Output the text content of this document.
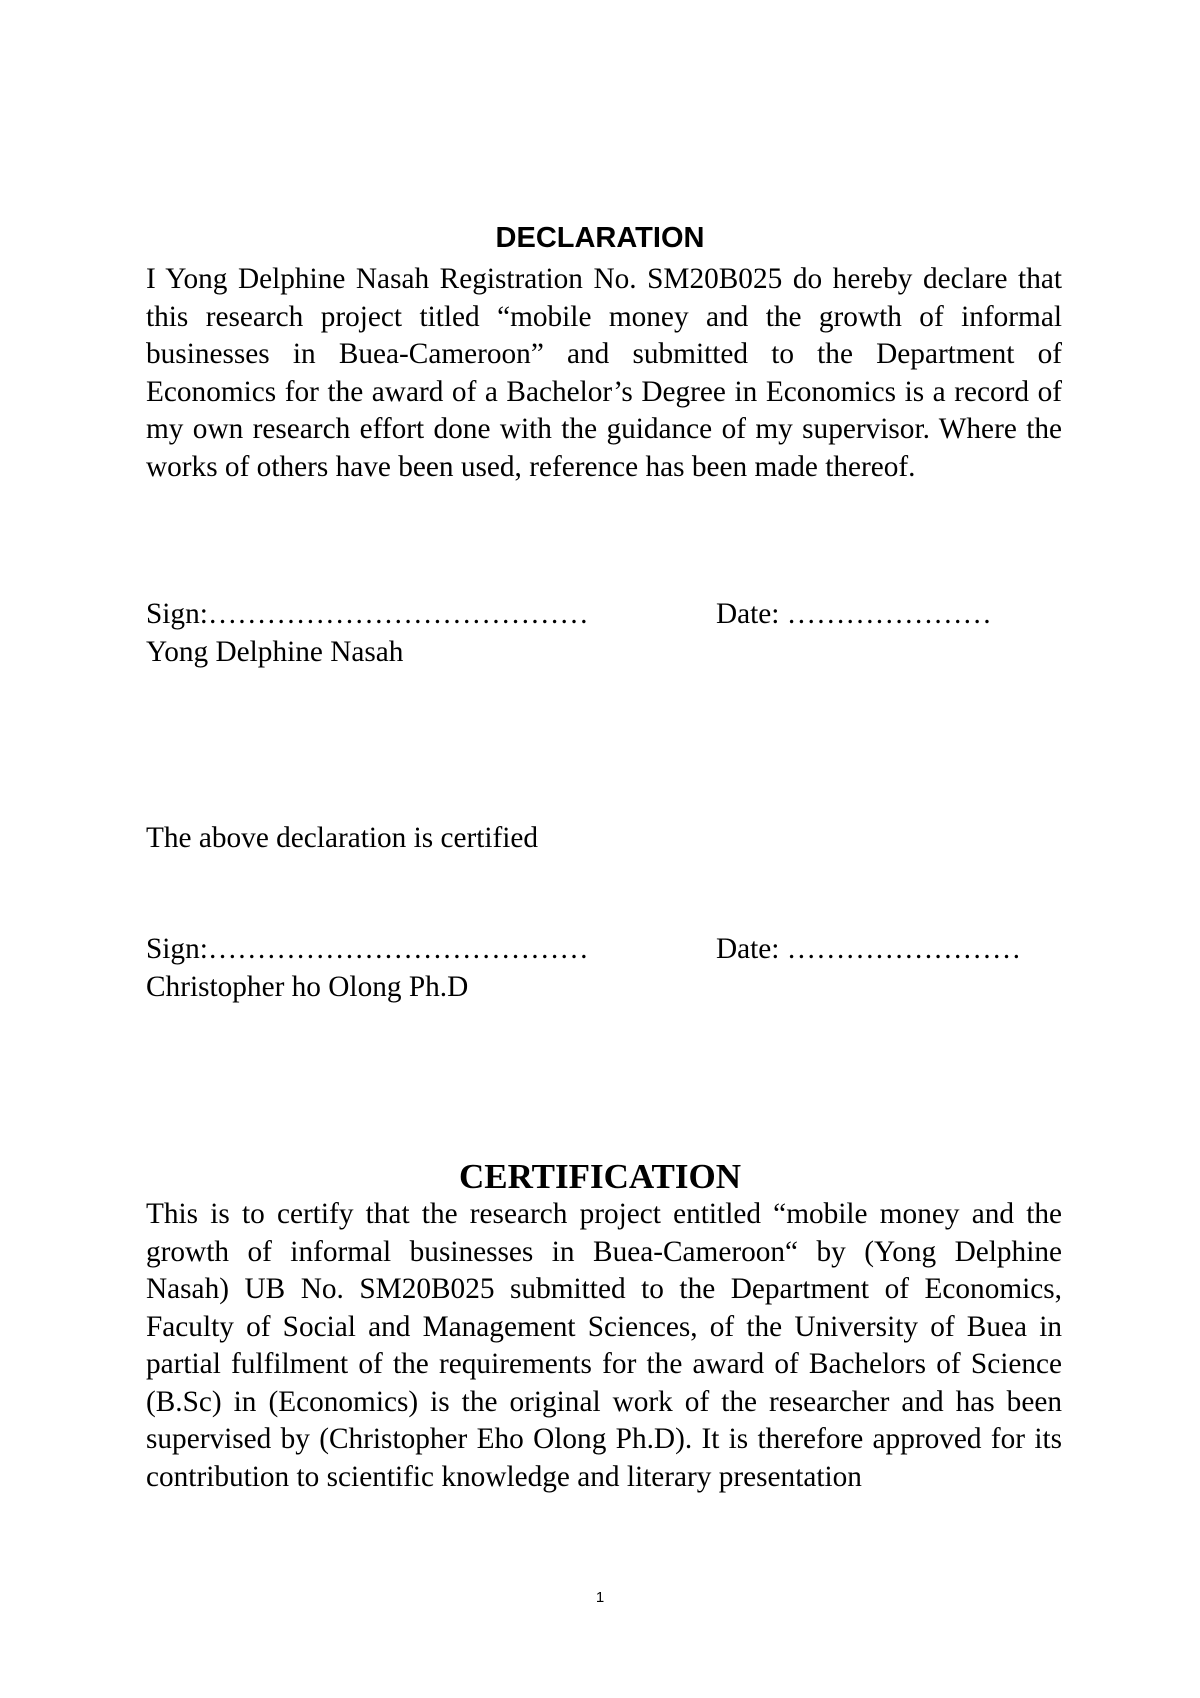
DECLARATION

I Yong Delphine Nasah Registration No. SM20B025 do hereby declare that this research project titled “mobile money and the growth of informal businesses in Buea-Cameroon” and submitted to the Department of Economics for the award of a Bachelor’s Degree in Economics is a record of my own research effort done with the guidance of my supervisor. Where the works of others have been used, reference has been made thereof.

Sign:…………………………………	Date: …………………
Yong Delphine Nasah
The above declaration is certified
Sign:…………………………………	Date: ……………………
Christopher ho Olong Ph.D
CERTIFICATION

This is to certify that the research project entitled “mobile money and the growth of informal businesses in Buea-Cameroon“ by (Yong Delphine Nasah) UB No. SM20B025 submitted to the Department of Economics, Faculty of Social and Management Sciences, of the University of Buea in partial fulfilment of the requirements for the award of Bachelors of Science (B.Sc) in (Economics) is the original work of the researcher and has been supervised by (Christopher Eho Olong Ph.D). It is therefore approved for its contribution to scientific knowledge and literary presentation

1
